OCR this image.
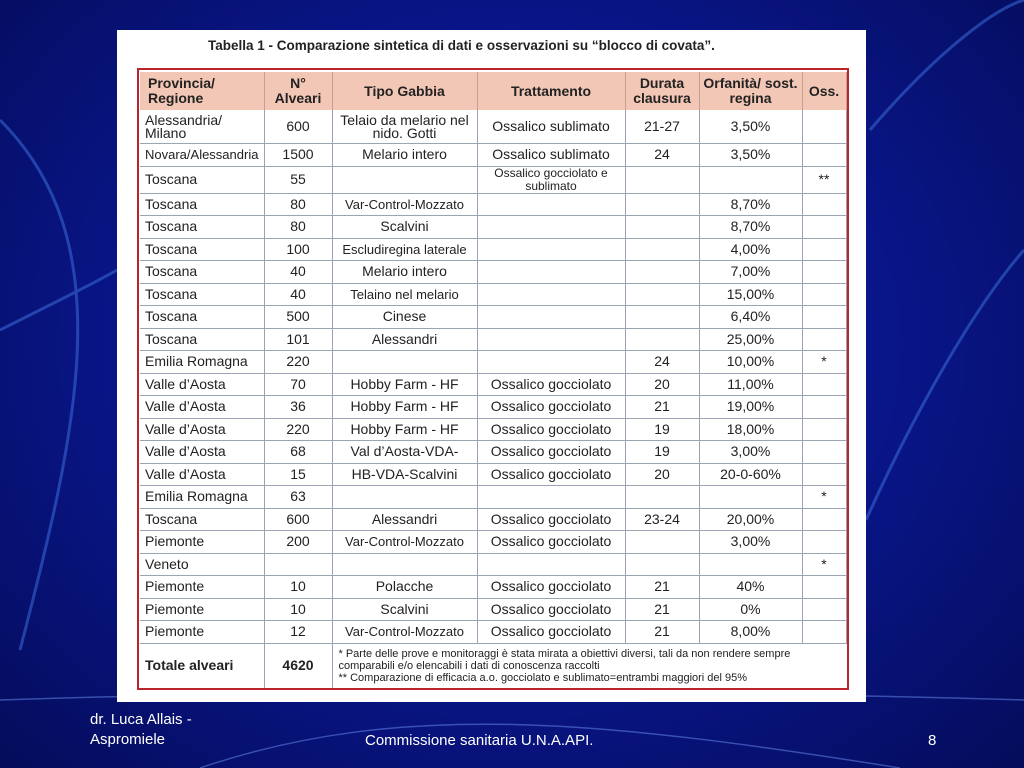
Tabella 1 - Comparazione sintetica di dati e osservazioni su “blocco di covata”.
Provincia/ Regione	N° Alveari	Tipo Gabbia	Trattamento	Durata clausura	Orfanità/ sost. regina	Oss.
Alessandria/ Milano	600	Telaio da melario nel nido. Gotti	Ossalico sublimato	21-27	3,50%	
Novara/Alessandria	1500	Melario intero	Ossalico sublimato	24	3,50%	
Toscana	55		Ossalico gocciolato e sublimato			**
Toscana	80	Var-Control-Mozzato			8,70%	
Toscana	80	Scalvini			8,70%	
Toscana	100	Escludiregina laterale			4,00%	
Toscana	40	Melario intero			7,00%	
Toscana	40	Telaino nel melario			15,00%	
Toscana	500	Cinese			6,40%	
Toscana	101	Alessandri			25,00%	
Emilia Romagna	220			24	10,00%	*
Valle d’Aosta	70	Hobby Farm - HF	Ossalico gocciolato	20	11,00%	
Valle d’Aosta	36	Hobby Farm - HF	Ossalico gocciolato	21	19,00%	
Valle d’Aosta	220	Hobby Farm - HF	Ossalico gocciolato	19	18,00%	
Valle d’Aosta	68	Val d’Aosta-VDA-	Ossalico gocciolato	19	3,00%	
Valle d’Aosta	15	HB-VDA-Scalvini	Ossalico gocciolato	20	20-0-60%	
Emilia Romagna	63					*
Toscana	600	Alessandri	Ossalico gocciolato	23-24	20,00%	
Piemonte	200	Var-Control-Mozzato	Ossalico gocciolato		3,00%	
Veneto						*
Piemonte	10	Polacche	Ossalico gocciolato	21	40%	
Piemonte	10	Scalvini	Ossalico gocciolato	21	0%	
Piemonte	12	Var-Control-Mozzato	Ossalico gocciolato	21	8,00%	
Totale alveari	4620	* Parte delle prove e monitoraggi è stata mirata a obiettivi diversi, tali da non rendere sempre comparabili e/o elencabili i dati di conoscenza raccolti
** Comparazione di efficacia a.o. gocciolato e sublimato=entrambi maggiori del 95%				
dr. Luca Allais -
Aspromiele	Commissione sanitaria U.N.A.API.	8
